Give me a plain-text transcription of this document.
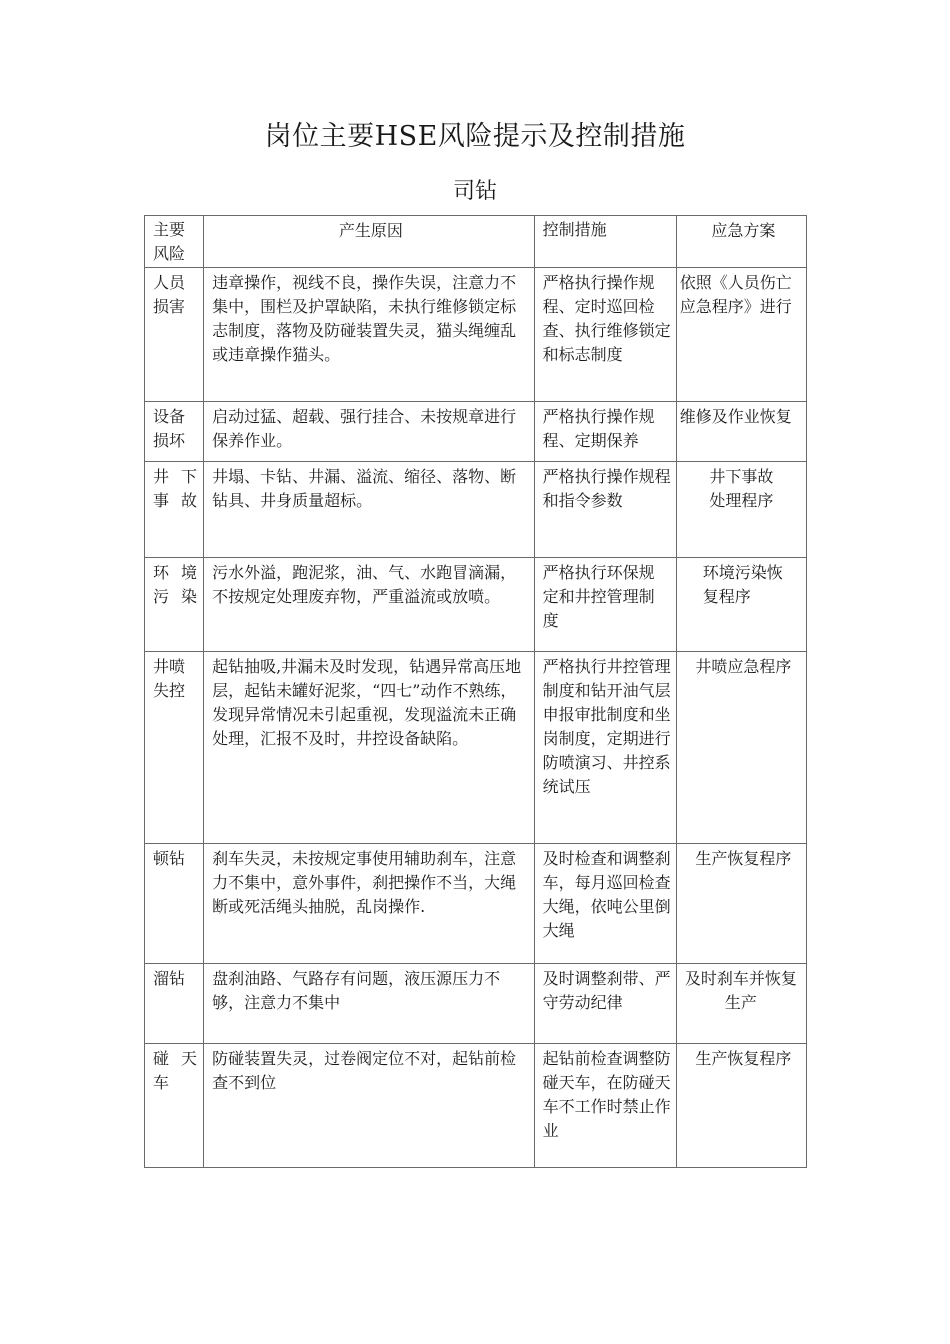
岗位主要HSE风险提示及控制措施
司钻
主要风险	产生原因	控制措施	应急方案

人员损害	违章操作，视线不良，操作失误，注意力不集中，围栏及护罩缺陷，未执行维修锁定标志制度，落物及防碰装置失灵，猫头绳缠乱或违章操作猫头。	严格执行操作规程、定时巡回检查、执行维修锁定和标志制度	依照《人员伤亡应急程序》进行

设备损坏	启动过猛、超载、强行挂合、未按规章进行保养作业。	严格执行操作规程、定期保养	维修及作业恢复

井下事故	井塌、卡钻、井漏、溢流、缩径、落物、断钻具、井身质量超标。	严格执行操作规程和指令参数	井下事故处理程序

环境污染	污水外溢，跑泥浆，油、气、水跑冒滴漏，不按规定处理废弃物，严重溢流或放喷。	严格执行环保规定和井控管理制度	环境污染恢复程序

井喷失控	起钻抽吸,井漏未及时发现，钻遇异常高压地层，起钻未罐好泥浆，“四七”动作不熟练，发现异常情况未引起重视，发现溢流未正确处理，汇报不及时，井控设备缺陷。	严格执行井控管理制度和钻开油气层申报审批制度和坐岗制度，定期进行防喷演习、井控系统试压	井喷应急程序

顿钻	刹车失灵，未按规定事使用辅助刹车，注意力不集中，意外事件，刹把操作不当，大绳断或死活绳头抽脱，乱岗操作.	及时检查和调整刹车，每月巡回检查大绳，依吨公里倒大绳	生产恢复程序

溜钻	盘刹油路、气路存有问题，液压源压力不够，注意力不集中	及时调整刹带、严守劳动纪律	及时刹车并恢复生产

碰天车	防碰装置失灵，过卷阀定位不对，起钻前检查不到位	起钻前检查调整防碰天车，在防碰天车不工作时禁止作业	生产恢复程序
